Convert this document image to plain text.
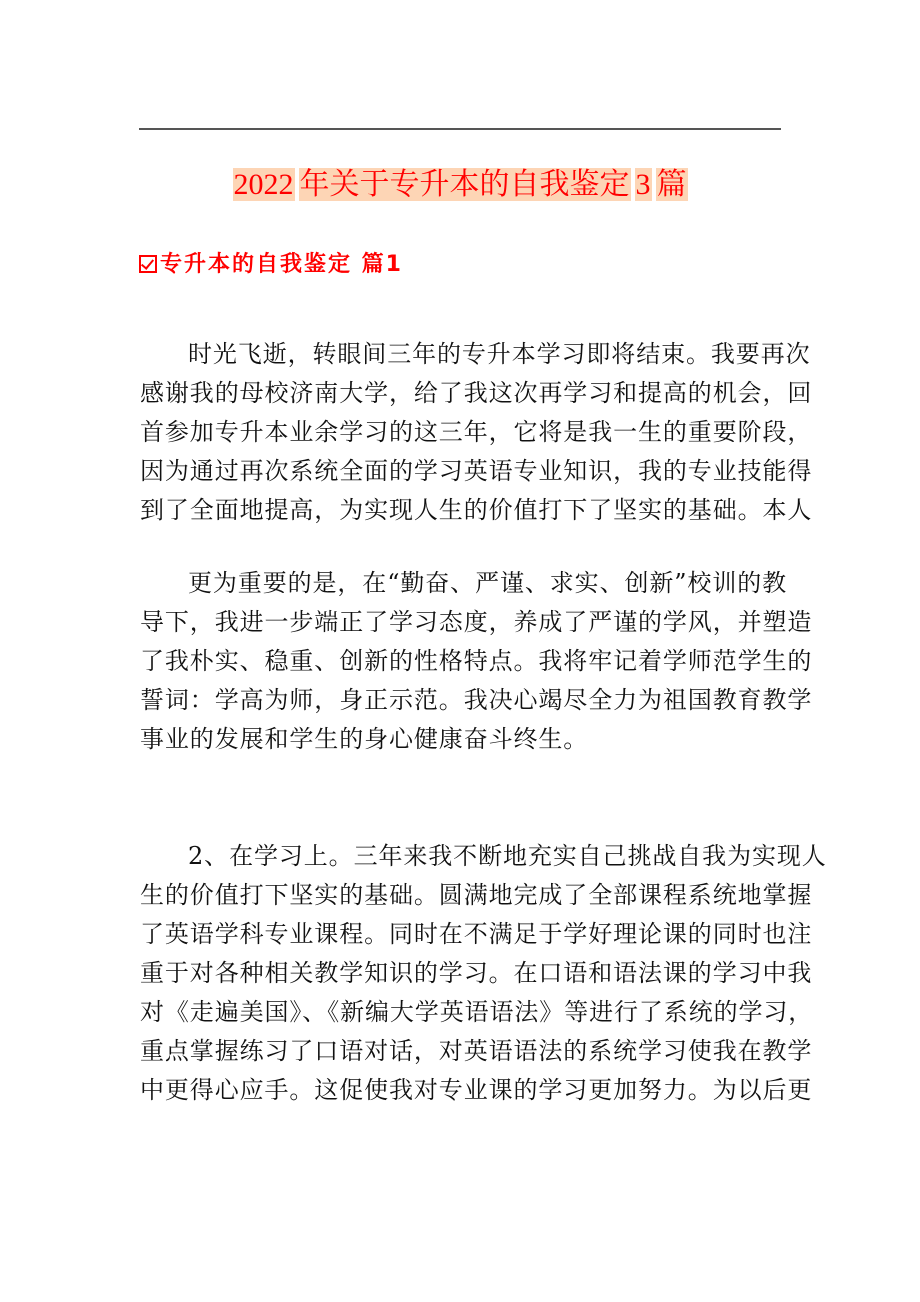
2022 年关于专升本的自我鉴定 3 篇
专升本的自我鉴定 篇1
时光飞逝，转眼间三年的专升本学习即将结束。我要再次
感谢我的母校济南大学，给了我这次再学习和提高的机会，回
首参加专升本业余学习的这三年，它将是我一生的重要阶段，
因为通过再次系统全面的学习英语专业知识，我的专业技能得
到了全面地提高，为实现人生的价值打下了坚实的基础。本人
更为重要的是，在“勤奋、严谨、求实、创新”校训的教
导下，我进一步端正了学习态度，养成了严谨的学风，并塑造
了我朴实、稳重、创新的性格特点。我将牢记着学师范学生的
誓词：学高为师，身正示范。我决心竭尽全力为祖国教育教学
事业的发展和学生的身心健康奋斗终生。
2、在学习上。三年来我不断地充实自己挑战自我为实现人
生的价值打下坚实的基础。圆满地完成了全部课程系统地掌握
了英语学科专业课程。同时在不满足于学好理论课的同时也注
重于对各种相关教学知识的学习。在口语和语法课的学习中我
对《走遍美国》、《新编大学英语语法》等进行了系统的学习，
重点掌握练习了口语对话，对英语语法的系统学习使我在教学
中更得心应手。这促使我对专业课的学习更加努力。为以后更
